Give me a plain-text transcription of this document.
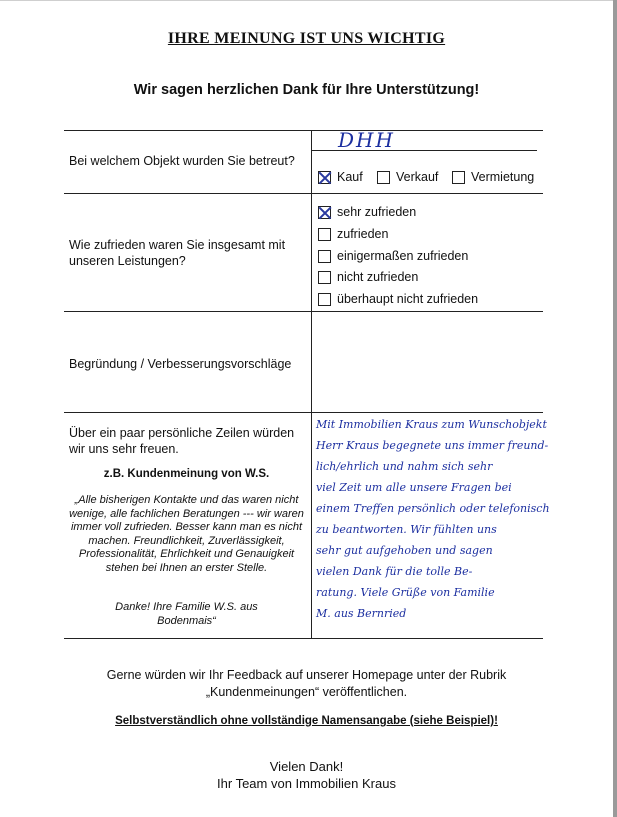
IHRE MEINUNG IST UNS WICHTIG
Wir sagen herzlichen Dank für Ihre Unterstützung!
Bei welchem Objekt wurden Sie betreut?
DHH
Kauf	Verkauf	Vermietung
Wie zufrieden waren Sie insgesamt mit unseren Leistungen?
sehr zufrieden
zufrieden
einigermaßen zufrieden
nicht zufrieden
überhaupt nicht zufrieden
Begründung / Verbesserungsvorschläge
Über ein paar persönliche Zeilen würden wir uns sehr freuen.
z.B. Kundenmeinung von W.S.
„Alle bisherigen Kontakte und das waren nicht wenige, alle fachlichen Beratungen --- wir waren immer voll zufrieden. Besser kann man es nicht machen. Freundlichkeit, Zuverlässigkeit, Professionalität, Ehrlichkeit und Genauigkeit stehen bei Ihnen an erster Stelle.
Danke! Ihre Familie W.S. aus Bodenmais“
Mit Immobilien Kraus zum Wunschobjekt
Herr Kraus begegnete uns immer freund-
lich/ehrlich und nahm sich sehr
viel Zeit um alle unsere Fragen bei
einem Treffen persönlich oder telefonisch
zu beantworten. Wir fühlten uns
sehr gut aufgehoben und sagen
vielen Dank für die tolle Be-
ratung. Viele Grüße von Familie
M. aus Bernried
Gerne würden wir Ihr Feedback auf unserer Homepage unter der Rubrik
„Kundenmeinungen“ veröffentlichen.
Selbstverständlich ohne vollständige Namensangabe (siehe Beispiel)!
Vielen Dank!
Ihr Team von Immobilien Kraus
